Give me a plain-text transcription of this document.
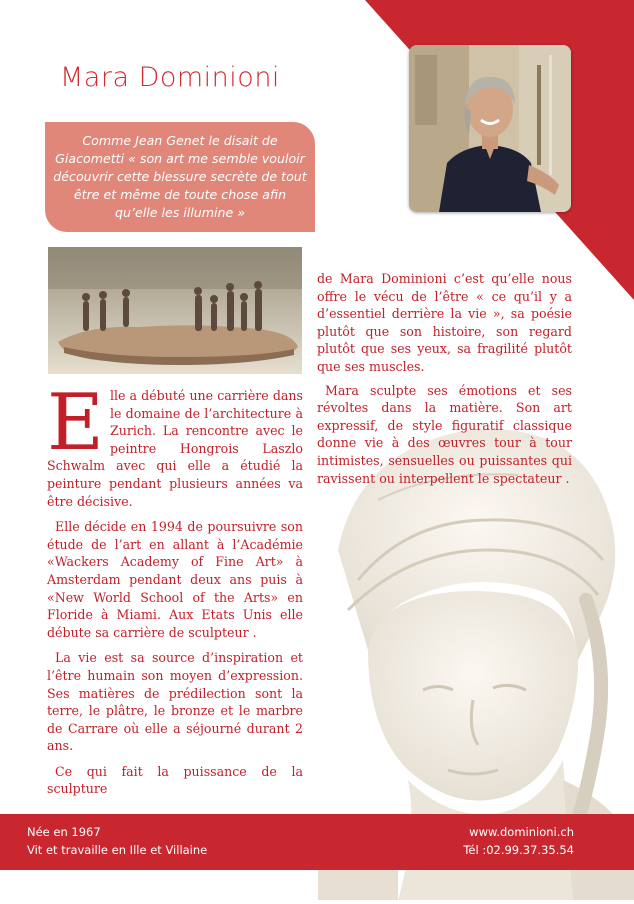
Mara Dominioni

Comme Jean Genet le disait de Giacometti « son art me semble vouloir découvrir cette blessure secrète de tout être et même de toute chose afin qu’elle les illumine »

Elle a débuté une carrière dans le domaine de l’architecture à Zurich. La rencontre avec le peintre Hongrois Laszlo Schwalm avec qui elle a étudié la peinture pendant plusieurs années va être décisive.

Elle décide en 1994 de poursuivre son étude de l’art en allant à l’Académie «Wackers Academy of Fine Art» à Amsterdam pendant deux ans puis à «New World School of the Arts» en Floride à Miami. Aux Etats Unis elle débute sa carrière de sculpteur .

La vie est sa source d’inspiration et l’être humain son moyen d’expression. Ses matières de prédilection sont la terre, le plâtre, le bronze et le marbre de Carrare où elle a séjourné durant 2 ans.

Ce qui fait la puissance de la sculpture

de Mara Dominioni c’est qu’elle nous offre le vécu de l’être « ce qu’il y a d’essentiel derrière la vie », sa poésie plutôt que son histoire, son regard plutôt que ses yeux, sa fragilité plutôt que ses muscles.

Mara sculpte ses émotions et ses révoltes dans la matière. Son art expressif, de style figuratif classique donne vie à des œuvres tour à tour intimistes, sensuelles ou puissantes qui ravissent ou interpellent le spectateur .

Née en 1967
Vit et travaille en Ille et Villaine
www.dominioni.ch
Tél :02.99.37.35.54
